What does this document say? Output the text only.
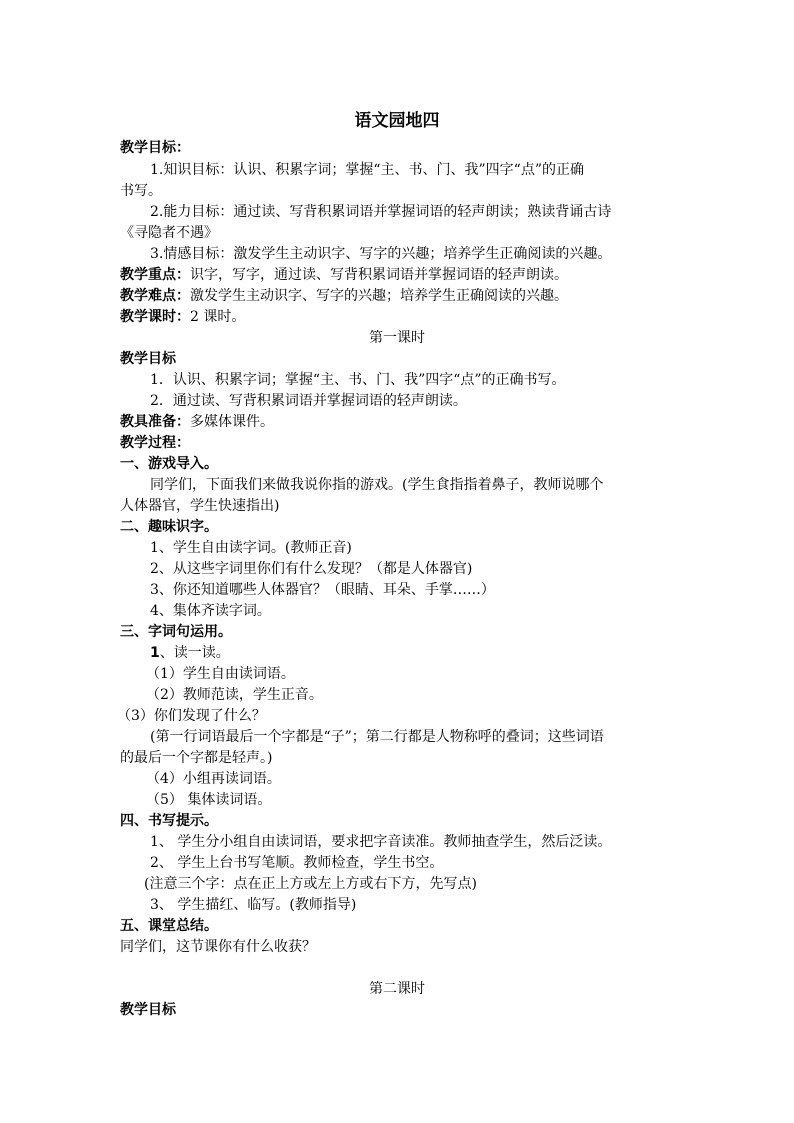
语文园地四
教学目标：
1.知识目标：认识、积累字词；掌握“主、书、门、我”四字“点”的正确
书写。
2.能力目标：通过读、写背积累词语并掌握词语的轻声朗读；熟读背诵古诗
《寻隐者不遇》
3.情感目标：激发学生主动识字、写字的兴趣；培养学生正确阅读的兴趣。
教学重点：识字，写字，通过读、写背积累词语并掌握词语的轻声朗读。
教学难点：激发学生主动识字、写字的兴趣；培养学生正确阅读的兴趣。
教学课时：2 课时。
第一课时
教学目标
1．认识、积累字词；掌握“主、书、门、我”四字“点”的正确书写。
2．通过读、写背积累词语并掌握词语的轻声朗读。
教具准备：多媒体课件。
教学过程：
一、游戏导入。
同学们，下面我们来做我说你指的游戏。(学生食指指着鼻子，教师说哪个
人体器官，学生快速指出)
二、趣味识字。
1、学生自由读字词。(教师正音)
2、从这些字词里你们有什么发现？（都是人体器官)
3、你还知道哪些人体器官？（眼睛、耳朵、手掌……）
4、集体齐读字词。
三、字词句运用。
1、读一读。
（1）学生自由读词语。
（2）教师范读，学生正音。
（3）你们发现了什么？
(第一行词语最后一个字都是“子”；第二行都是人物称呼的叠词；这些词语
的最后一个字都是轻声。)
（4）小组再读词语。
（5） 集体读词语。
四、书写提示。
1、 学生分小组自由读词语，要求把字音读准。教师抽查学生，然后泛读。
2、 学生上台书写笔顺。教师检查，学生书空。
(注意三个字：点在正上方或左上方或右下方，先写点)
3、 学生描红、临写。(教师指导)
五、课堂总结。
同学们，这节课你有什么收获？
第二课时
教学目标
